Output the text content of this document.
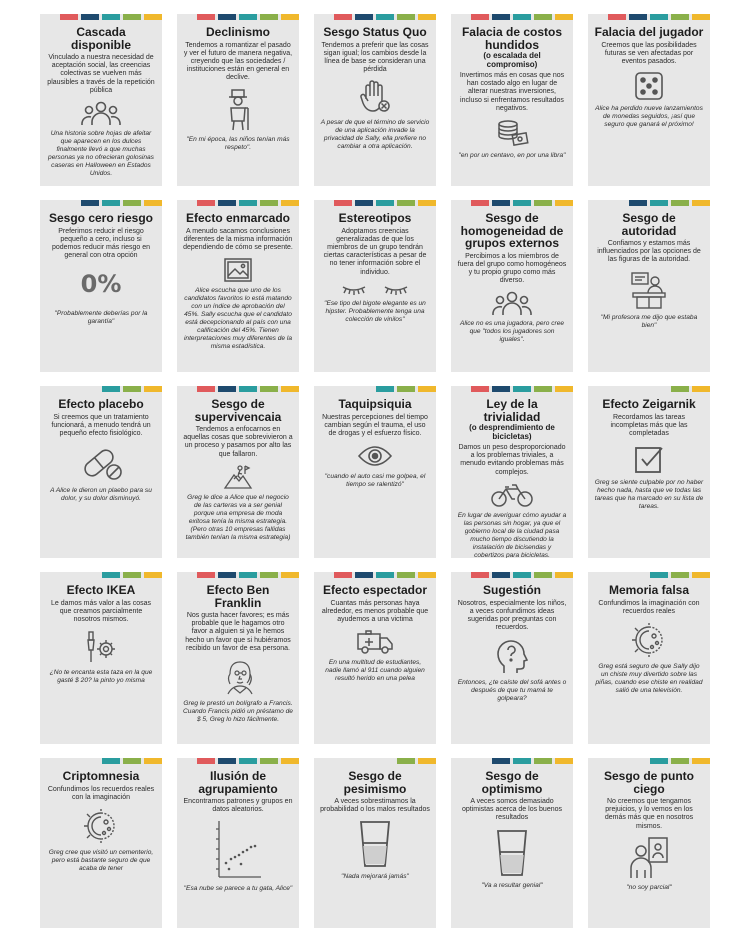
Cascada disponible
Vinculado a nuestra necesidad de aceptación social, las creencias colectivas se vuelven más plausibles a través de la repetición pública
Una historia sobre hojas de afeitar que aparecen en los dulces finalmente llevó a que muchas personas ya no ofrecieran golosinas caseras en Halloween en Estados Unidos.
Declinismo
Tendemos a romantizar el pasado y ver el futuro de manera negativa, creyendo que las sociedades / instituciones están en general en declive.
"En mi época, las niños tenían más respeto".
Sesgo Status Quo
Tendemos a preferir que las cosas sigan igual; los cambios desde la línea de base se consideran una pérdida
A pesar de que el término de servicio de una aplicación invade la privacidad de Sally, ella prefiere no cambiar a otra aplicación.
Falacia de costos hundidos
(o escalada del compromiso)
Invertimos más en cosas que nos han costado algo en lugar de alterar nuestras inversiones, incluso si enfrentamos resultados negativos.
"en por un centavo, en por una libra"
Falacia del jugador
Creemos que las posibilidades futuras se ven afectadas por eventos pasados.
Alice ha perdido nueve lanzamientos de monedas seguidos, ¡así que seguro que ganará el próximo!
Sesgo cero riesgo
Preferimos reducir el riesgo pequeño a cero, incluso si podemos reducir más riesgo en general con otra opción
0%
"Probablemente deberías por la garantía"
Efecto enmarcado
A menudo sacamos conclusiones diferentes de la misma información dependiendo de cómo se presente.
Alice escucha que uno de los candidatos favoritos lo está matando con un índice de aprobación del 45%. Sally escucha que el candidato está decepcionando al país con una calificación del 45%. Tienen interpretaciones muy diferentes de la misma estadística.
Estereotipos
Adoptamos creencias generalizadas de que los miembros de un grupo tendrán ciertas características a pesar de no tener información sobre el individuo.
"Ese tipo del bigote elegante es un hipster. Probablemente tenga una colección de vinilos"
Sesgo de homogeneidad de grupos externos
Percibimos a los miembros de fuera del grupo como homogéneos y tu propio grupo como más diverso.
Alice no es una jugadora, pero cree que "todos los jugadores son iguales".
Sesgo de autoridad
Confiamos y estamos más influenciados por las opciones de las figuras de la autoridad.
"Mi profesora me dijo que estaba bien"
Efecto placebo
Si creemos que un tratamiento funcionará, a menudo tendrá un pequeño efecto fisiológico.
A Alice le dieron un plaebo para su dolor, y su dolor disminuyó.
Sesgo de supervivencaia
Tendemos a enfocarnos en aquellas cosas que sobrevivieron a un proceso y pasamos por alto las que fallaron.
Greg le dice a Alice que el negocio de las carteras va a ser genial porque una empresa de moda exitosa tenía la misma estrategia. (Pero otras 10 empresas fallidas también tenían la misma estrategia)
Taquipsiquia
Nuestras percepciones del tiempo cambian según el trauma, el uso de drogas y el esfuerzo físico.
"cuando el auto casi me golpea, el tiempo se ralentizó"
Ley de la trivialidad
(o desprendimiento de bicicletas)
Damos un peso desproporcionado a los problemas triviales, a menudo evitando problemas más complejos.
En lugar de averiguar cómo ayudar a las personas sin hogar, ya que el gobierno local de la ciudad pasa mucho tiempo discutiendo la instalación de bicisendas y cobertizos para bicicletas.
Efecto Zeigarnik
Recordamos las tareas incompletas más que las completadas
Greg se siente culpable por no haber hecho nada, hasta que ve todas las tareas que ha marcado en su lista de tareas.
Efecto IKEA
Le damos más valor a las cosas que creamos parcialmente nosotros mismos.
¿No te encanta esta taza en la que gasté $ 20? la pinto yo misma
Efecto Ben Franklin
Nos gusta hacer favores; es más probable que le hagamos otro favor a alguien si ya le hemos hecho un favor que si hubiéramos recibido un favor de esa persona.
Greg le prestó un bolígrafo a Francis. Cuando Francis pidió un préstamo de $ 5, Greg lo hizo fácilmente.
Efecto espectador
Cuantas más personas haya alrededor, es menos probable que ayudemos a una victima
En una multitud de estudiantes, nadie llamó al 911 cuando alguien resultó herido en una pelea
Sugestión
Nosotros, especialmente los niños, a veces confundimos ideas sugeridas por preguntas con recuerdos.
Entonces, ¿te caíste del sofá antes o después de que tu mamá te golpeara?
Memoria falsa
Confundimos la imaginación con recuerdos reales
Greg está seguro de que Sally dijo un chiste muy divertido sobre las piñas, cuando ese chiste en realidad salió de una televisión.
Criptomnesia
Confundimos los recuerdos reales con la imaginación
Greg cree que visitó un cementerio, pero está bastante seguro de que acaba de tener
Ilusión de agrupamiento
Encontramos patrones y grupos en datos aleatorios.
"Esa nube se parece a tu gata, Alice"
Sesgo de pesimismo
A veces sobrestimamos la probabilidad o los malos resultados
"Nada mejorará jamás"
Sesgo de optimismo
A veces somos demasiado optimistas acerca de los buenos resultados
"Va a resultar genial"
Sesgo de punto ciego
No creemos que tengamos prejuicios, y lo vemos en los demás más que en nosotros mismos.
"no soy parcial"
